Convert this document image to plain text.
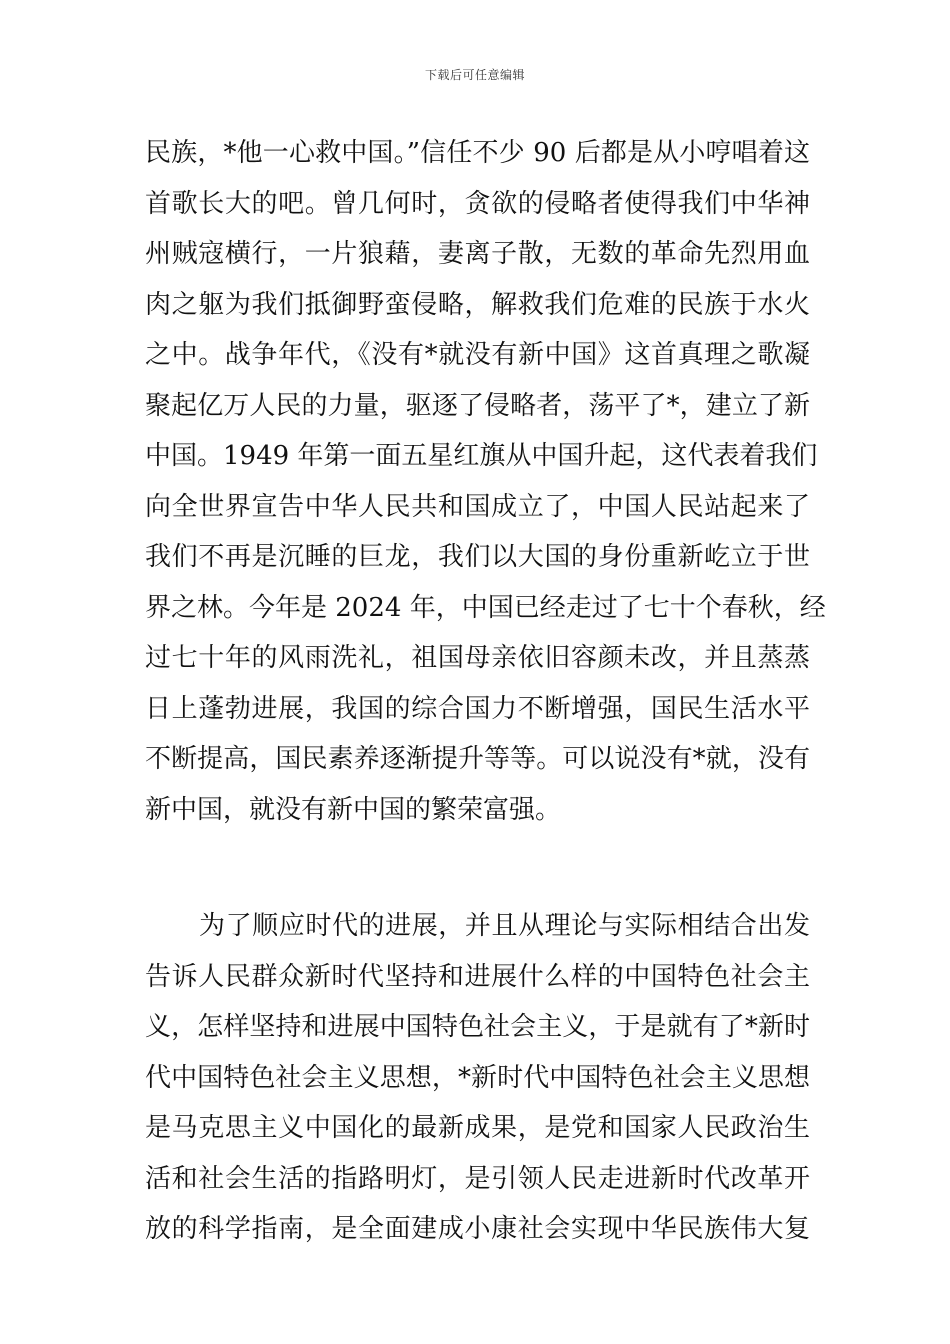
下载后可任意编辑
民族，*他一心救中国。”信任不少 90 后都是从小哼唱着这
首歌长大的吧。曾几何时，贪欲的侵略者使得我们中华神
州贼寇横行，一片狼藉，妻离子散，无数的革命先烈用血
肉之躯为我们抵御野蛮侵略，解救我们危难的民族于水火
之中。战争年代，《没有*就没有新中国》这首真理之歌凝
聚起亿万人民的力量，驱逐了侵略者，荡平了*，建立了新
中国。1949 年第一面五星红旗从中国升起，这代表着我们
向全世界宣告中华人民共和国成立了，中国人民站起来了
我们不再是沉睡的巨龙，我们以大国的身份重新屹立于世
界之林。今年是 2024 年，中国已经走过了七十个春秋，经
过七十年的风雨洗礼，祖国母亲依旧容颜未改，并且蒸蒸
日上蓬勃进展，我国的综合国力不断增强，国民生活水平
不断提高，国民素养逐渐提升等等。可以说没有*就，没有
新中国，就没有新中国的繁荣富强。
为了顺应时代的进展，并且从理论与实际相结合出发
告诉人民群众新时代坚持和进展什么样的中国特色社会主
义，怎样坚持和进展中国特色社会主义，于是就有了*新时
代中国特色社会主义思想，*新时代中国特色社会主义思想
是马克思主义中国化的最新成果，是党和国家人民政治生
活和社会生活的指路明灯，是引领人民走进新时代改革开
放的科学指南，是全面建成小康社会实现中华民族伟大复
